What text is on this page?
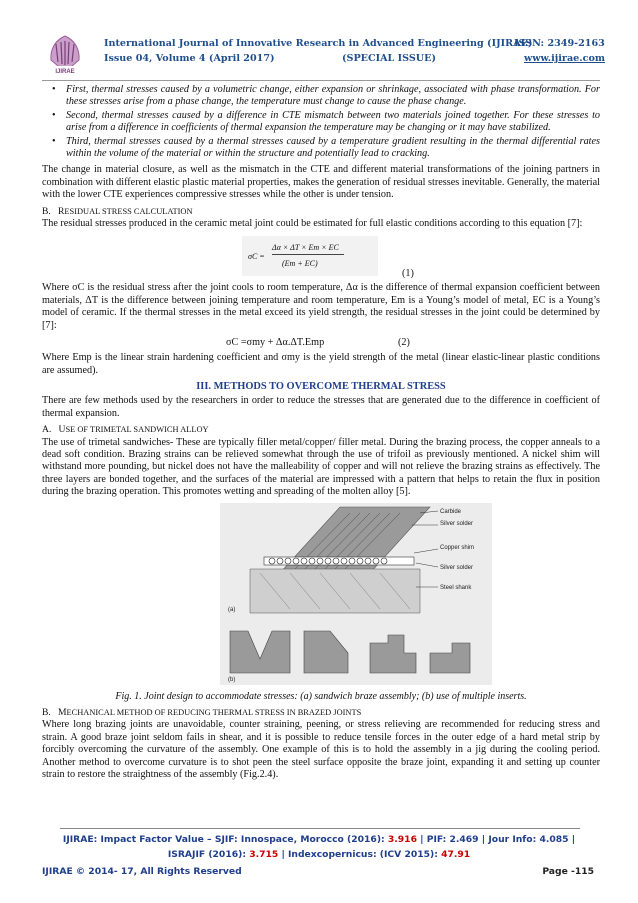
IJIRAE
International Journal of Innovative Research in Advanced Engineering (IJIRAE)
ISSN: 2349-2163
Issue 04, Volume 4 (April 2017)	(SPECIAL ISSUE)	www.ijirae.com
• First, thermal stresses caused by a volumetric change, either expansion or shrinkage, associated with phase transformation. For these stresses arise from a phase change, the temperature must change to cause the phase change.
• Second, thermal stresses caused by a difference in CTE mismatch between two materials joined together. For these stresses to arise from a difference in coefficients of thermal expansion the temperature may be changing or it may have stabilized.
• Third, thermal stresses caused by a thermal stresses caused by a temperature gradient resulting in the thermal differential rates within the volume of the material or within the structure and potentially lead to cracking.

The change in material closure, as well as the mismatch in the CTE and different material transformations of the joining partners in combination with different elastic plastic material properties, makes the generation of residual stresses inevitable. Generally, the material with the lower CTE experiences compressive stresses while the other is under tension.

B. RESIDUAL STRESS CALCULATION

The residual stresses produced in the ceramic metal joint could be estimated for full elastic conditions according to this equation [7]:

σC =
Δα × ΔT × Em × EC
(Em + EC)
(1)

Where σC is the residual stress after the joint cools to room temperature, Δα is the difference of thermal expansion coefficient between materials, ΔT is the difference between joining temperature and room temperature, Em is a Young’s model of metal, EC is a Young’s model of ceramic. If the thermal stresses in the metal exceed its yield strength, the residual stresses in the joint could be determined by [7]:

σC =σmy + Δα.ΔT.Emp	(2)

Where Emp is the linear strain hardening coefficient and σmy is the yield strength of the metal (linear elastic-linear plastic conditions are assumed).

III. METHODS TO OVERCOME THERMAL STRESS

There are few methods used by the researchers in order to reduce the stresses that are generated due to the difference in coefficient of thermal expansion.

A. USE OF TRIMETAL SANDWICH ALLOY

The use of trimetal sandwiches- These are typically filler metal/copper/ filler metal. During the brazing process, the copper anneals to a dead soft condition. Brazing strains can be relieved somewhat through the use of trifoil as previously mentioned. A nickel shim will withstand more pounding, but nickel does not have the malleability of copper and will not relieve the brazing strains as effectively. The three layers are bonded together, and the surfaces of the material are impressed with a pattern that helps to retain the flux in position during the brazing operation. This promotes wetting and spreading of the molten alloy [5].

Carbide
Silver solder
Copper shim
Silver solder
Steel shank
(a)
(b)
Fig. 1. Joint design to accommodate stresses: (a) sandwich braze assembly; (b) use of multiple inserts.
B. MECHANICAL METHOD OF REDUCING THERMAL STRESS IN BRAZED JOINTS

Where long brazing joints are unavoidable, counter straining, peening, or stress relieving are recommended for reducing stress and strain. A good braze joint seldom fails in shear, and it is possible to reduce tensile forces in the outer edge of a hard metal strip by forcibly overcoming the curvature of the assembly. One example of this is to hold the assembly in a jig during the cooling period. Another method to overcome curvature is to shot peen the steel surface opposite the braze joint, expanding it and setting up counter strain to restore the straightness of the assembly (Fig.2.4).

IJIRAE: Impact Factor Value – SJIF: Innospace, Morocco (2016): 3.916 | PIF: 2.469 | Jour Info: 4.085 |
ISRAJIF (2016): 3.715 | Indexcopernicus: (ICV 2015): 47.91
IJIRAE © 2014- 17, All Rights Reserved	Page -115
